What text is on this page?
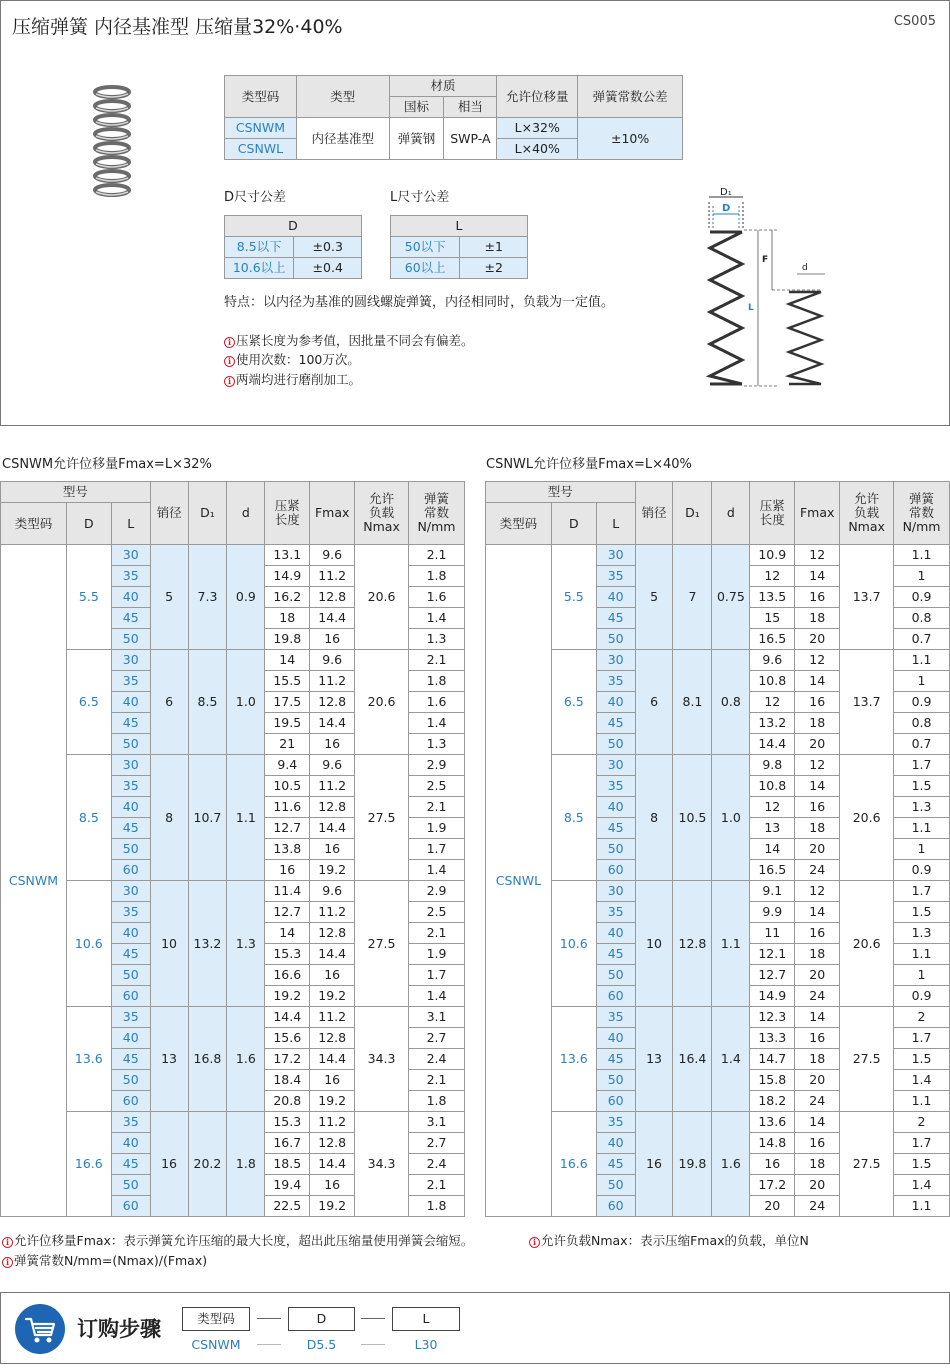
压缩弹簧 内径基准型 压缩量32%·40%	CS005
类型码	类型	材质		允许位移量	弹簧常数公差
		国标	相当		
CSNWM	内径基准型	弹簧钢	SWP-A	L×32%	±10%
CSNWL				L×40%	
D尺寸公差
D	
8.5以下	±0.3
10.6以上	±0.4
L尺寸公差
L	
50以下	±1
60以上	±2
特点：以内径为基准的圆线螺旋弹簧，内径相同时，负载为一定值。
i 压紧长度为参考值，因批量不同会有偏差。
i 使用次数：100万次。
i 两端均进行磨削加工。
D₁
D
L
F
d
CSNWM允许位移量Fmax=L×32%	CSNWL允许位移量Fmax=L×40%
型号			销径	D₁	d	压紧
长度	Fmax	允许
负载
Nmax	弹簧
常数
N/mm
类型码	D	L							
CSNWM	5.5	30	5	7.3	0.9	13.1	9.6	20.6	2.1
		35				14.9	11.2		1.8
		40				16.2	12.8		1.6
		45				18	14.4		1.4
		50				19.8	16		1.3
	6.5	30	6	8.5	1.0	14	9.6	20.6	2.1
		35				15.5	11.2		1.8
		40				17.5	12.8		1.6
		45				19.5	14.4		1.4
		50				21	16		1.3
	8.5	30	8	10.7	1.1	9.4	9.6	27.5	2.9
		35				10.5	11.2		2.5
		40				11.6	12.8		2.1
		45				12.7	14.4		1.9
		50				13.8	16		1.7
		60				16	19.2		1.4
	10.6	30	10	13.2	1.3	11.4	9.6	27.5	2.9
		35				12.7	11.2		2.5
		40				14	12.8		2.1
		45				15.3	14.4		1.9
		50				16.6	16		1.7
		60				19.2	19.2		1.4
	13.6	35	13	16.8	1.6	14.4	11.2	34.3	3.1
		40				15.6	12.8		2.7
		45				17.2	14.4		2.4
		50				18.4	16		2.1
		60				20.8	19.2		1.8
	16.6	35	16	20.2	1.8	15.3	11.2	34.3	3.1
		40				16.7	12.8		2.7
		45				18.5	14.4		2.4
		50				19.4	16		2.1
		60				22.5	19.2		1.8
型号			销径	D₁	d	压紧
长度	Fmax	允许
负载
Nmax	弹簧
常数
N/mm
类型码	D	L							
CSNWL	5.5	30	5	7	0.75	10.9	12	13.7	1.1
		35				12	14		1
		40				13.5	16		0.9
		45				15	18		0.8
		50				16.5	20		0.7
	6.5	30	6	8.1	0.8	9.6	12	13.7	1.1
		35				10.8	14		1
		40				12	16		0.9
		45				13.2	18		0.8
		50				14.4	20		0.7
	8.5	30	8	10.5	1.0	9.8	12	20.6	1.7
		35				10.8	14		1.5
		40				12	16		1.3
		45				13	18		1.1
		50				14	20		1
		60				16.5	24		0.9
	10.6	30	10	12.8	1.1	9.1	12	20.6	1.7
		35				9.9	14		1.5
		40				11	16		1.3
		45				12.1	18		1.1
		50				12.7	20		1
		60				14.9	24		0.9
	13.6	35	13	16.4	1.4	12.3	14	27.5	2
		40				13.3	16		1.7
		45				14.7	18		1.5
		50				15.8	20		1.4
		60				18.2	24		1.1
	16.6	35	16	19.8	1.6	13.6	14	27.5	2
		40				14.8	16		1.7
		45				16	18		1.5
		50				17.2	20		1.4
		60				20	24		1.1
i 允许位移量Fmax：表示弹簧允许压缩的最大长度，超出此压缩量使用弹簧会缩短。	i 允许负载Nmax：表示压缩Fmax的负载，单位N
i 弹簧常数N/mm=(Nmax)/(Fmax)
订购步骤	类型码	D	L
CSNWM	D5.5	L30
